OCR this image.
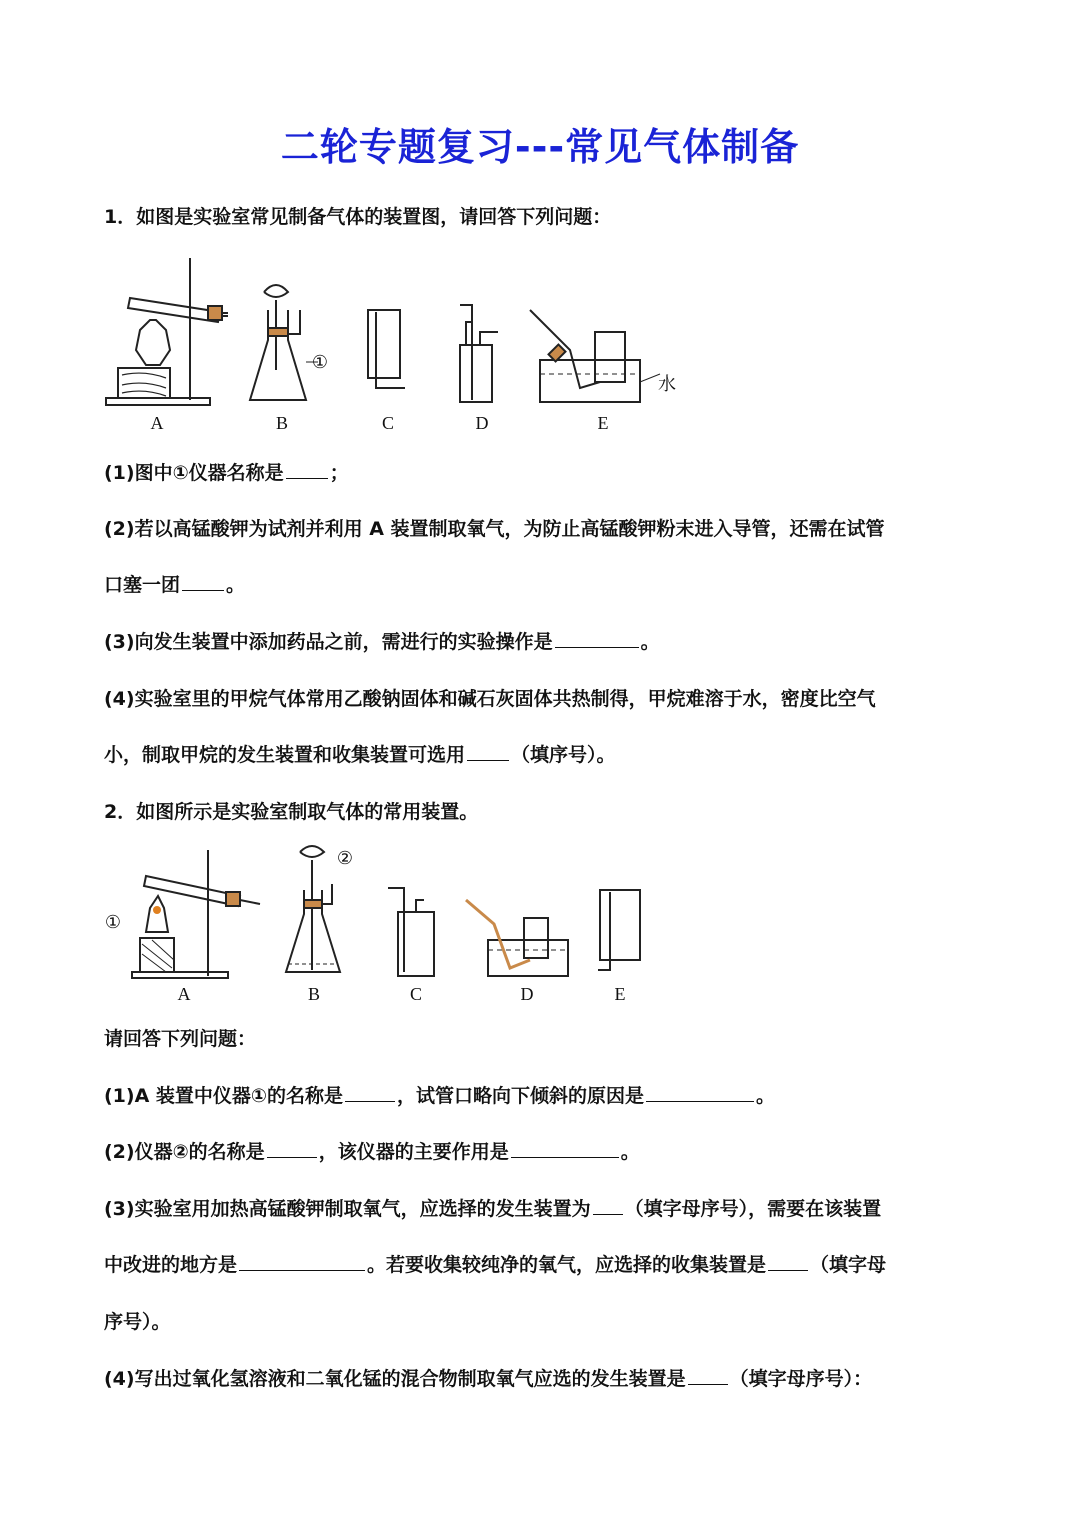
二轮专题复习---常见气体制备
1．如图是实验室常见制备气体的装置图，请回答下列问题：
A	B	C	D	E
①
水
(1)图中①仪器名称是 ；
(2)若以高锰酸钾为试剂并利用 A 装置制取氧气，为防止高锰酸钾粉末进入导管，还需在试管
口塞一团 。
(3)向发生装置中添加药品之前，需进行的实验操作是	。
(4)实验室里的甲烷气体常用乙酸钠固体和碱石灰固体共热制得，甲烷难溶于水，密度比空气
小，制取甲烷的发生装置和收集装置可选用 （填序号）。
2．如图所示是实验室制取气体的常用装置。
A	B	C	D	E
①
②
请回答下列问题：
(1)A 装置中仪器①的名称是	，试管口略向下倾斜的原因是	。
(2)仪器②的名称是	，该仪器的主要作用是	。
(3)实验室用加热高锰酸钾制取氧气，应选择的发生装置为 （填字母序号），需要在该装置
中改进的地方是	。若要收集较纯净的氧气，应选择的收集装置是 （填字母
序号）。
(4)写出过氧化氢溶液和二氧化锰的混合物制取氧气应选的发生装置是 （填字母序号）：
